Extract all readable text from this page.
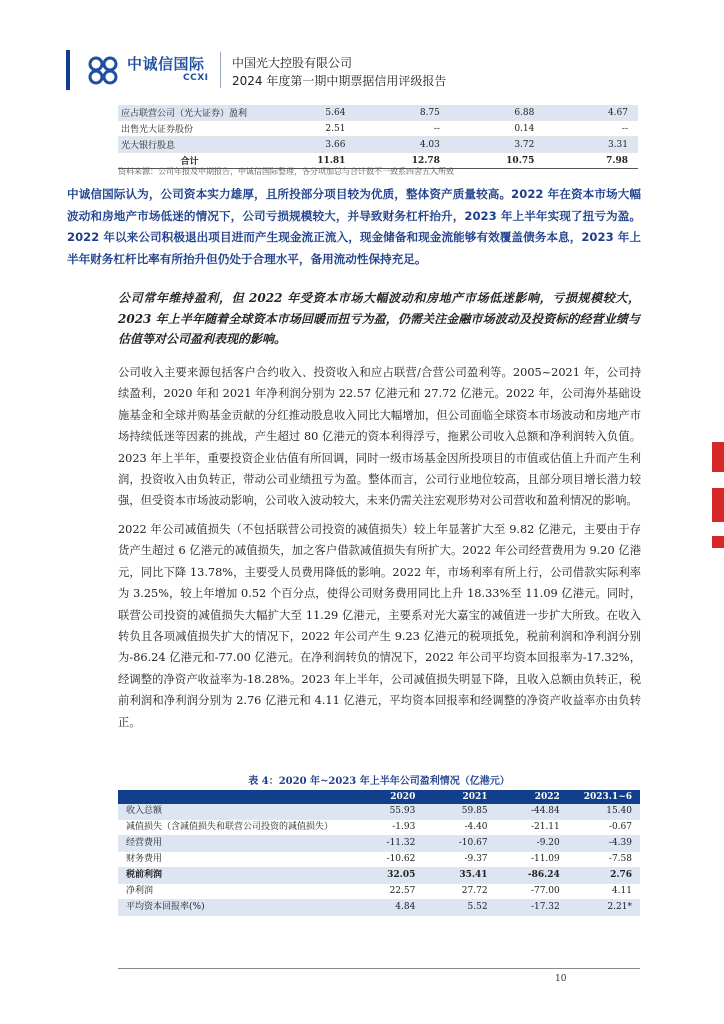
中诚信国际
CCXI
中国光大控股有限公司
2024 年度第一期中期票据信用评级报告
应占联营公司（光大证券）盈利	5.64	8.75	6.88	4.67
出售光大证券股份	2.51	--	0.14	--
光大银行股息	3.66	4.03	3.72	3.31
合计	11.81	12.78	10.75	7.98
资料来源：公司年报及中期报告，中诚信国际整理，各分项加总与合计数不一致系四舍五入所致
中诚信国际认为，公司资本实力雄厚，且所投部分项目较为优质，整体资产质量较高。2022 年在资本市场大幅波动和房地产市场低迷的情况下，公司亏损规模较大，并导致财务杠杆抬升，2023 年上半年实现了扭亏为盈。2022 年以来公司积极退出项目进而产生现金流正流入，现金储备和现金流能够有效覆盖债务本息，2023 年上半年财务杠杆比率有所抬升但仍处于合理水平，备用流动性保持充足。
公司常年维持盈利，但 2022 年受资本市场大幅波动和房地产市场低迷影响，亏损规模较大，2023 年上半年随着全球资本市场回暖而扭亏为盈，仍需关注金融市场波动及投资标的经营业绩与估值等对公司盈利表现的影响。
公司收入主要来源包括客户合约收入、投资收入和应占联营/合营公司盈利等。2005~2021 年，公司持续盈利，2020 年和 2021 年净利润分别为 22.57 亿港元和 27.72 亿港元。2022 年，公司海外基础设施基金和全球并购基金贡献的分红推动股息收入同比大幅增加，但公司面临全球资本市场波动和房地产市场持续低迷等因素的挑战，产生超过 80 亿港元的资本利得浮亏，拖累公司收入总额和净利润转入负值。2023 年上半年，重要投资企业估值有所回调，同时一级市场基金因所投项目的市值或估值上升而产生利润，投资收入由负转正，带动公司业绩扭亏为盈。整体而言，公司行业地位较高，且部分项目增长潜力较强，但受资本市场波动影响，公司收入波动较大，未来仍需关注宏观形势对公司营收和盈利情况的影响。
2022 年公司减值损失（不包括联营公司投资的减值损失）较上年显著扩大至 9.82 亿港元，主要由于存货产生超过 6 亿港元的减值损失，加之客户借款减值损失有所扩大。2022 年公司经营费用为 9.20 亿港元，同比下降 13.78%，主要受人员费用降低的影响。2022 年，市场利率有所上行，公司借款实际利率为 3.25%，较上年增加 0.52 个百分点，使得公司财务费用同比上升 18.33%至 11.09 亿港元。同时，联营公司投资的减值损失大幅扩大至 11.29 亿港元，主要系对光大嘉宝的减值进一步扩大所致。在收入转负且各项减值损失扩大的情况下，2022 年公司产生 9.23 亿港元的税项抵免，税前利润和净利润分别为-86.24 亿港元和-77.00 亿港元。在净利润转负的情况下，2022 年公司平均资本回报率为-17.32%，经调整的净资产收益率为-18.28%。2023 年上半年，公司减值损失明显下降，且收入总额由负转正，税前利润和净利润分别为 2.76 亿港元和 4.11 亿港元，平均资本回报率和经调整的净资产收益率亦由负转正。
表 4：2020 年~2023 年上半年公司盈利情况（亿港元）
	2020	2021	2022	2023.1~6
收入总额	55.93	59.85	-44.84	15.40
减值损失（含减值损失和联营公司投资的减值损失）	-1.93	-4.40	-21.11	-0.67
经营费用	-11.32	-10.67	-9.20	-4.39
财务费用	-10.62	-9.37	-11.09	-7.58
税前利润	32.05	35.41	-86.24	2.76
净利润	22.57	27.72	-77.00	4.11
平均资本回报率(%)	4.84	5.52	-17.32	2.21*
10
